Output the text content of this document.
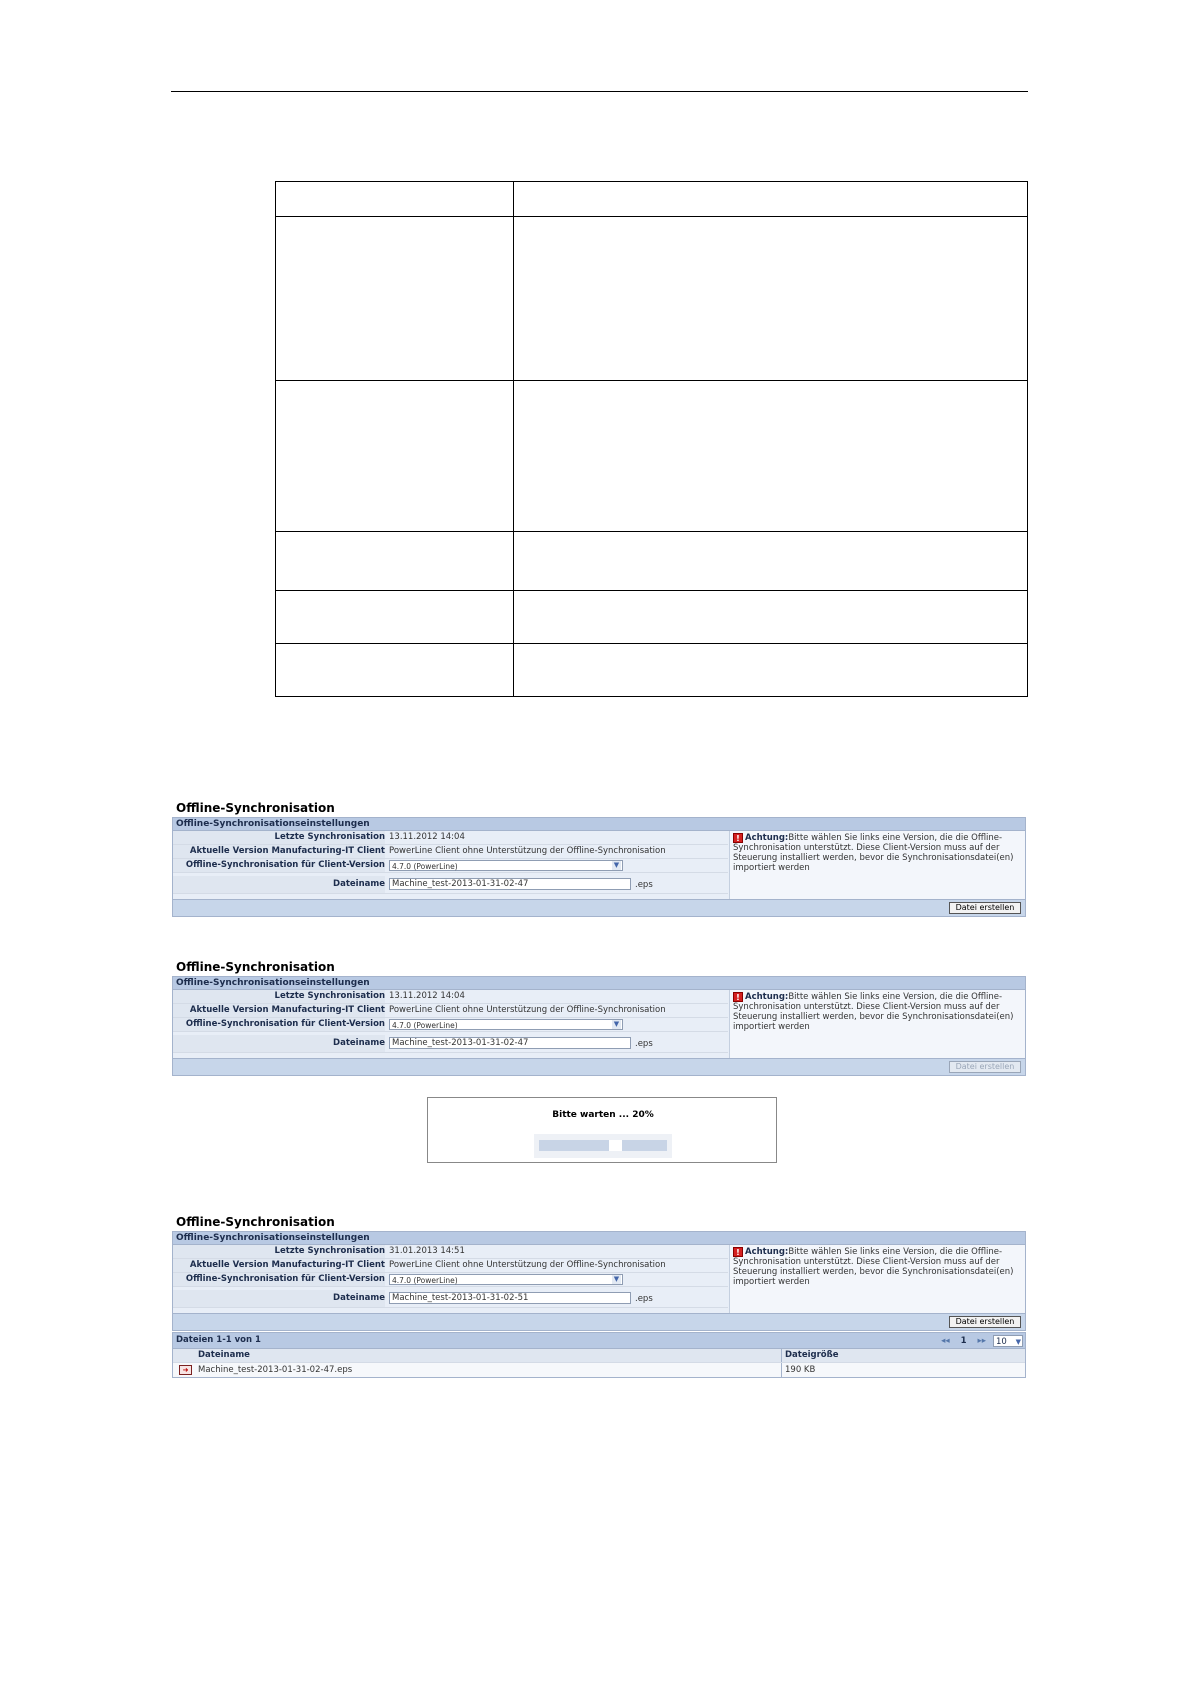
Offline-Synchronisation
Offline-Synchronisationseinstellungen
Letzte Synchronisation 13.11.2012 14:04
Aktuelle Version Manufacturing-IT Client PowerLine Client ohne Unterstützung der Offline-Synchronisation
Offline-Synchronisation für Client-Version 4.7.0 (PowerLine)	▼
Dateiname Machine_test-2013-01-31-02-47	.eps
! Achtung:Bitte wählen Sie links eine Version, die die Offline-Synchronisation unterstützt. Diese Client-Version muss auf der Steuerung installiert werden, bevor die Synchronisationsdatei(en) importiert werden
Datei erstellen
Offline-Synchronisation
Offline-Synchronisationseinstellungen
Letzte Synchronisation 13.11.2012 14:04
Aktuelle Version Manufacturing-IT Client PowerLine Client ohne Unterstützung der Offline-Synchronisation
Offline-Synchronisation für Client-Version 4.7.0 (PowerLine)	▼
Dateiname Machine_test-2013-01-31-02-47	.eps
! Achtung:Bitte wählen Sie links eine Version, die die Offline-Synchronisation unterstützt. Diese Client-Version muss auf der Steuerung installiert werden, bevor die Synchronisationsdatei(en) importiert werden
Datei erstellen
Bitte warten ... 20%
Offline-Synchronisation
Offline-Synchronisationseinstellungen
Letzte Synchronisation 31.01.2013 14:51
Aktuelle Version Manufacturing-IT Client PowerLine Client ohne Unterstützung der Offline-Synchronisation
Offline-Synchronisation für Client-Version 4.7.0 (PowerLine)	▼
Dateiname Machine_test-2013-01-31-02-51	.eps
! Achtung:Bitte wählen Sie links eine Version, die die Offline-Synchronisation unterstützt. Diese Client-Version muss auf der Steuerung installiert werden, bevor die Synchronisationsdatei(en) importiert werden
Datei erstellen
Dateien 1-1 von 1	◂◂ 1 ▸▸ 10 ▼
Dateiname	Dateigröße
➜	Machine_test-2013-01-31-02-47.eps	190 KB
